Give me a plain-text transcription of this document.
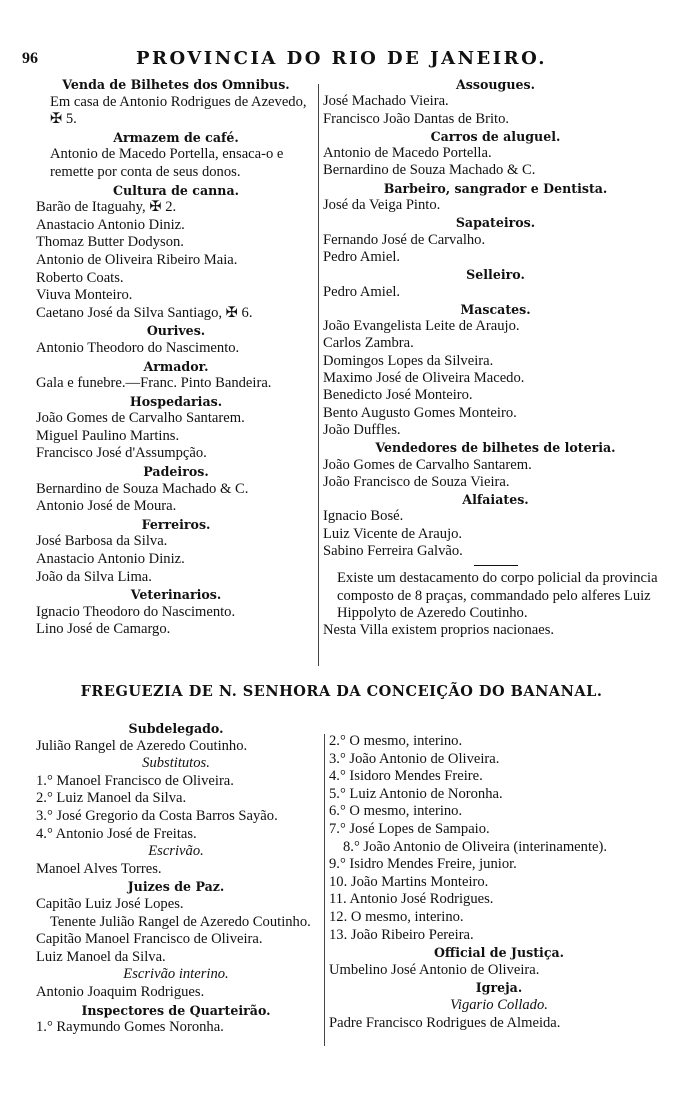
96	PROVINCIA DO RIO DE JANEIRO.
Venda de Bilhetes dos Omnibus.
Em casa de Antonio Rodrigues de Azevedo, ✠ 5.
Armazem de café.
Antonio de Macedo Portella, ensaca-o e remette por conta de seus donos.
Cultura de canna.
Barão de Itaguahy, ✠ 2.
Anastacio Antonio Diniz.
Thomaz Butter Dodyson.
Antonio de Oliveira Ribeiro Maia.
Roberto Coats.
Viuva Monteiro.
Caetano José da Silva Santiago, ✠ 6.
Ourives.
Antonio Theodoro do Nascimento.
Armador.
Gala e funebre.—Franc. Pinto Bandeira.
Hospedarias.
João Gomes de Carvalho Santarem.
Miguel Paulino Martins.
Francisco José d'Assumpção.
Padeiros.
Bernardino de Souza Machado & C.
Antonio José de Moura.
Ferreiros.
José Barbosa da Silva.
Anastacio Antonio Diniz.
João da Silva Lima.
Veterinarios.
Ignacio Theodoro do Nascimento.
Lino José de Camargo.
Assougues.
José Machado Vieira.
Francisco João Dantas de Brito.
Carros de aluguel.
Antonio de Macedo Portella.
Bernardino de Souza Machado & C.
Barbeiro, sangrador e Dentista.
José da Veiga Pinto.
Sapateiros.
Fernando José de Carvalho.
Pedro Amiel.
Selleiro.
Pedro Amiel.
Mascates.
João Evangelista Leite de Araujo.
Carlos Zambra.
Domingos Lopes da Silveira.
Maximo José de Oliveira Macedo.
Benedicto José Monteiro.
Bento Augusto Gomes Monteiro.
João Duffles.
Vendedores de bilhetes de loteria.
João Gomes de Carvalho Santarem.
João Francisco de Souza Vieira.
Alfaiates.
Ignacio Bosé.
Luiz Vicente de Araujo.
Sabino Ferreira Galvão.
Existe um destacamento do corpo policial da provincia composto de 8 praças, commandado pelo alferes Luiz Hippolyto de Azeredo Coutinho.
Nesta Villa existem proprios nacionaes.
FREGUEZIA DE N. SENHORA DA CONCEIÇÃO DO BANANAL.
Subdelegado.
Julião Rangel de Azeredo Coutinho.
Substitutos.
1.° Manoel Francisco de Oliveira.
2.° Luiz Manoel da Silva.
3.° José Gregorio da Costa Barros Sayão.
4.° Antonio José de Freitas.
Escrivão.
Manoel Alves Torres.
Juizes de Paz.
Capitão Luiz José Lopes.
Tenente Julião Rangel de Azeredo Coutinho.
Capitão Manoel Francisco de Oliveira.
Luiz Manoel da Silva.
Escrivão interino.
Antonio Joaquim Rodrigues.
Inspectores de Quarteirão.
1.° Raymundo Gomes Noronha.
2.° O mesmo, interino.
3.° João Antonio de Oliveira.
4.° Isidoro Mendes Freire.
5.° Luiz Antonio de Noronha.
6.° O mesmo, interino.
7.° José Lopes de Sampaio.
8.° João Antonio de Oliveira (interinamente).
9.° Isidro Mendes Freire, junior.
10. João Martins Monteiro.
11. Antonio José Rodrigues.
12. O mesmo, interino.
13. João Ribeiro Pereira.
Official de Justiça.
Umbelino José Antonio de Oliveira.
Igreja.
Vigario Collado.
Padre Francisco Rodrigues de Almeida.
